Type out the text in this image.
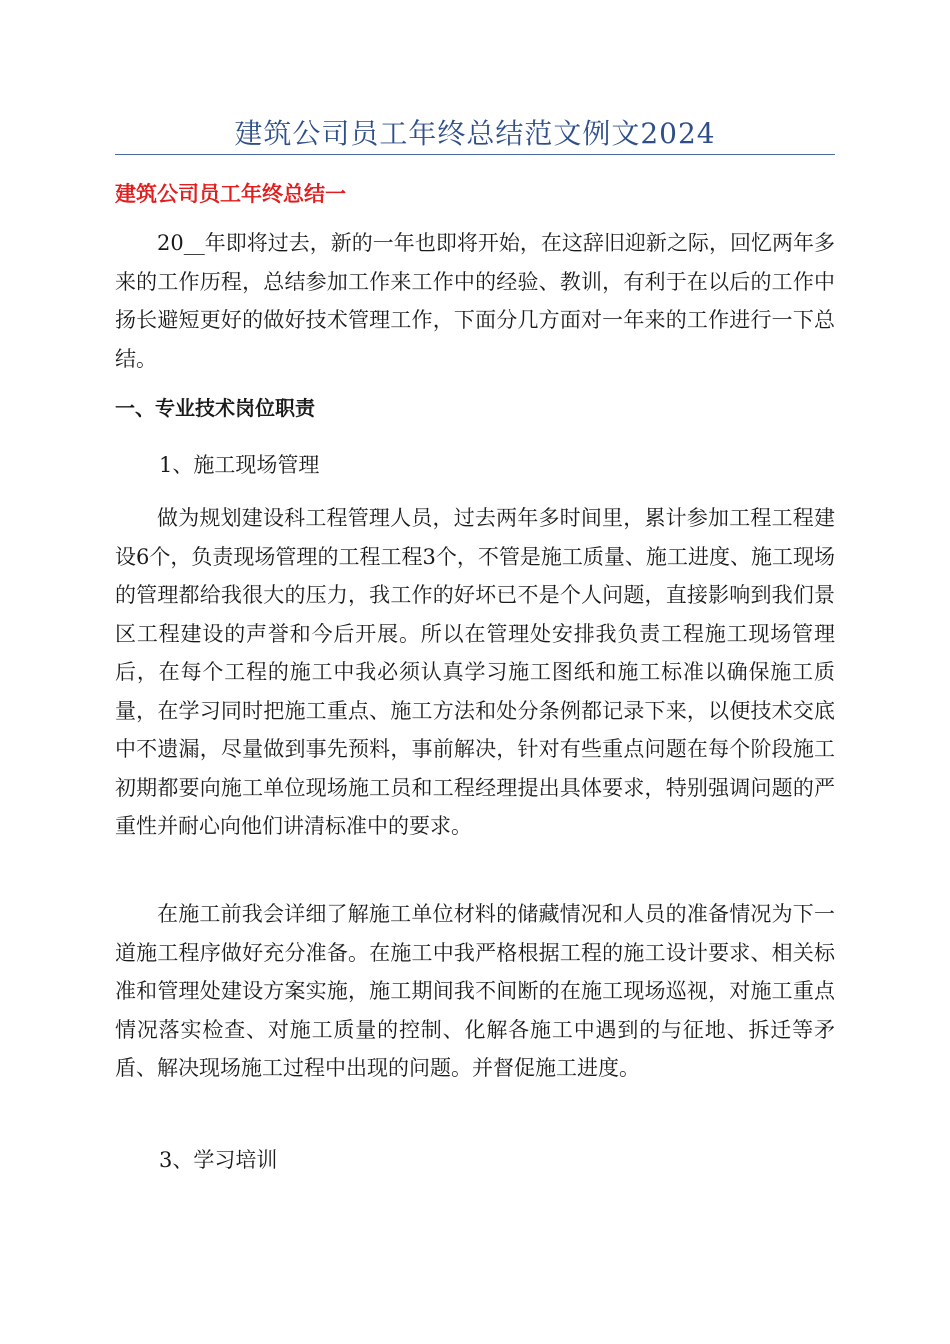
建筑公司员工年终总结范文例文2024
建筑公司员工年终总结一

20__年即将过去，新的一年也即将开始，在这辞旧迎新之际，回忆两年多来的工作历程，总结参加工作来工作中的经验、教训，有利于在以后的工作中扬长避短更好的做好技术管理工作，下面分几方面对一年来的工作进行一下总结。

一、专业技术岗位职责
1、施工现场管理

做为规划建设科工程管理人员，过去两年多时间里，累计参加工程工程建设6个，负责现场管理的工程工程3个，不管是施工质量、施工进度、施工现场的管理都给我很大的压力，我工作的好坏已不是个人问题，直接影响到我们景区工程建设的声誉和今后开展。所以在管理处安排我负责工程施工现场管理后，在每个工程的施工中我必须认真学习施工图纸和施工标准以确保施工质量，在学习同时把施工重点、施工方法和处分条例都记录下来，以便技术交底中不遗漏，尽量做到事先预料，事前解决，针对有些重点问题在每个阶段施工初期都要向施工单位现场施工员和工程经理提出具体要求，特别强调问题的严重性并耐心向他们讲清标准中的要求。

在施工前我会详细了解施工单位材料的储藏情况和人员的准备情况为下一道施工程序做好充分准备。在施工中我严格根据工程的施工设计要求、相关标准和管理处建设方案实施，施工期间我不间断的在施工现场巡视，对施工重点情况落实检查、对施工质量的控制、化解各施工中遇到的与征地、拆迁等矛盾、解决现场施工过程中出现的问题。并督促施工进度。

3、学习培训
